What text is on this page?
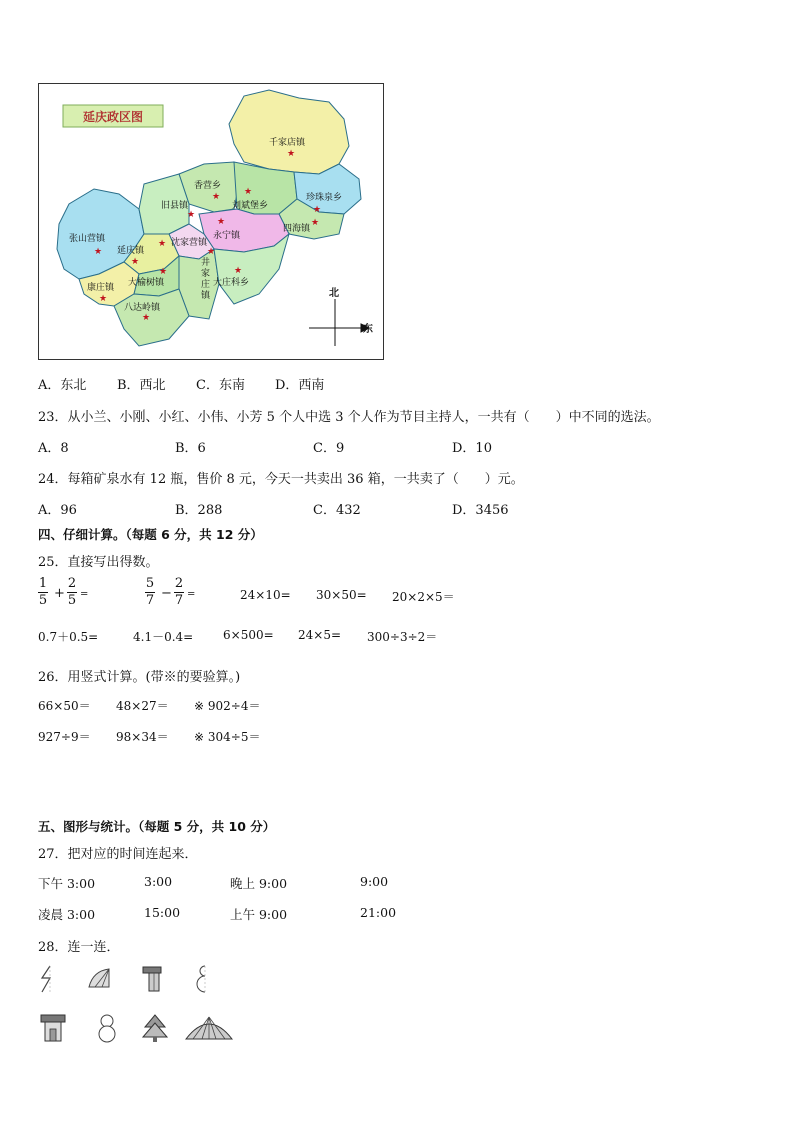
延庆政区图
★
★
★
★
★
★
★
★
★	★
★
★
★	★
★
千家店镇
香营乡
旧县镇	刘斌堡乡
珍珠泉乡
张山营镇
延庆镇
沈家营镇
永宁镇
四海镇
井
家
庄
镇
康庄镇 大榆树镇	大庄科乡
八达岭镇
北
东
A．东北 B．西北 C．东南 D．西南
23．从小兰、小刚、小红、小伟、小芳 5 个人中选 3 个人作为节目主持人，一共有（　　）中不同的选法。
A．8	B．6	C．9	D．10
24．每箱矿泉水有 12 瓶，售价 8 元，今天一共卖出 36 箱，一共卖了（　　）元。
A．96	B．288	C．432	D．3456
四、仔细计算。（每题 6 分，共 12 分）
25．直接写出得数。
1
5 +
2
5 =
5
7 −
2
7 =	24×10= 30×50= 20×2×5＝
0.7＋0.5=	4.1－0.4= 6×500= 24×5= 300÷3÷2＝
26．用竖式计算。(带※的要验算。)
66×50＝ 48×27＝ ※ 902÷4＝
927÷9＝ 98×34＝ ※ 304÷5＝
五、图形与统计。（每题 5 分，共 10 分）
27．把对应的时间连起来．
下午 3:00	3:00	晚上 9:00	9:00
凌晨 3:00	15:00	上午 9:00	21:00
28．连一连．
